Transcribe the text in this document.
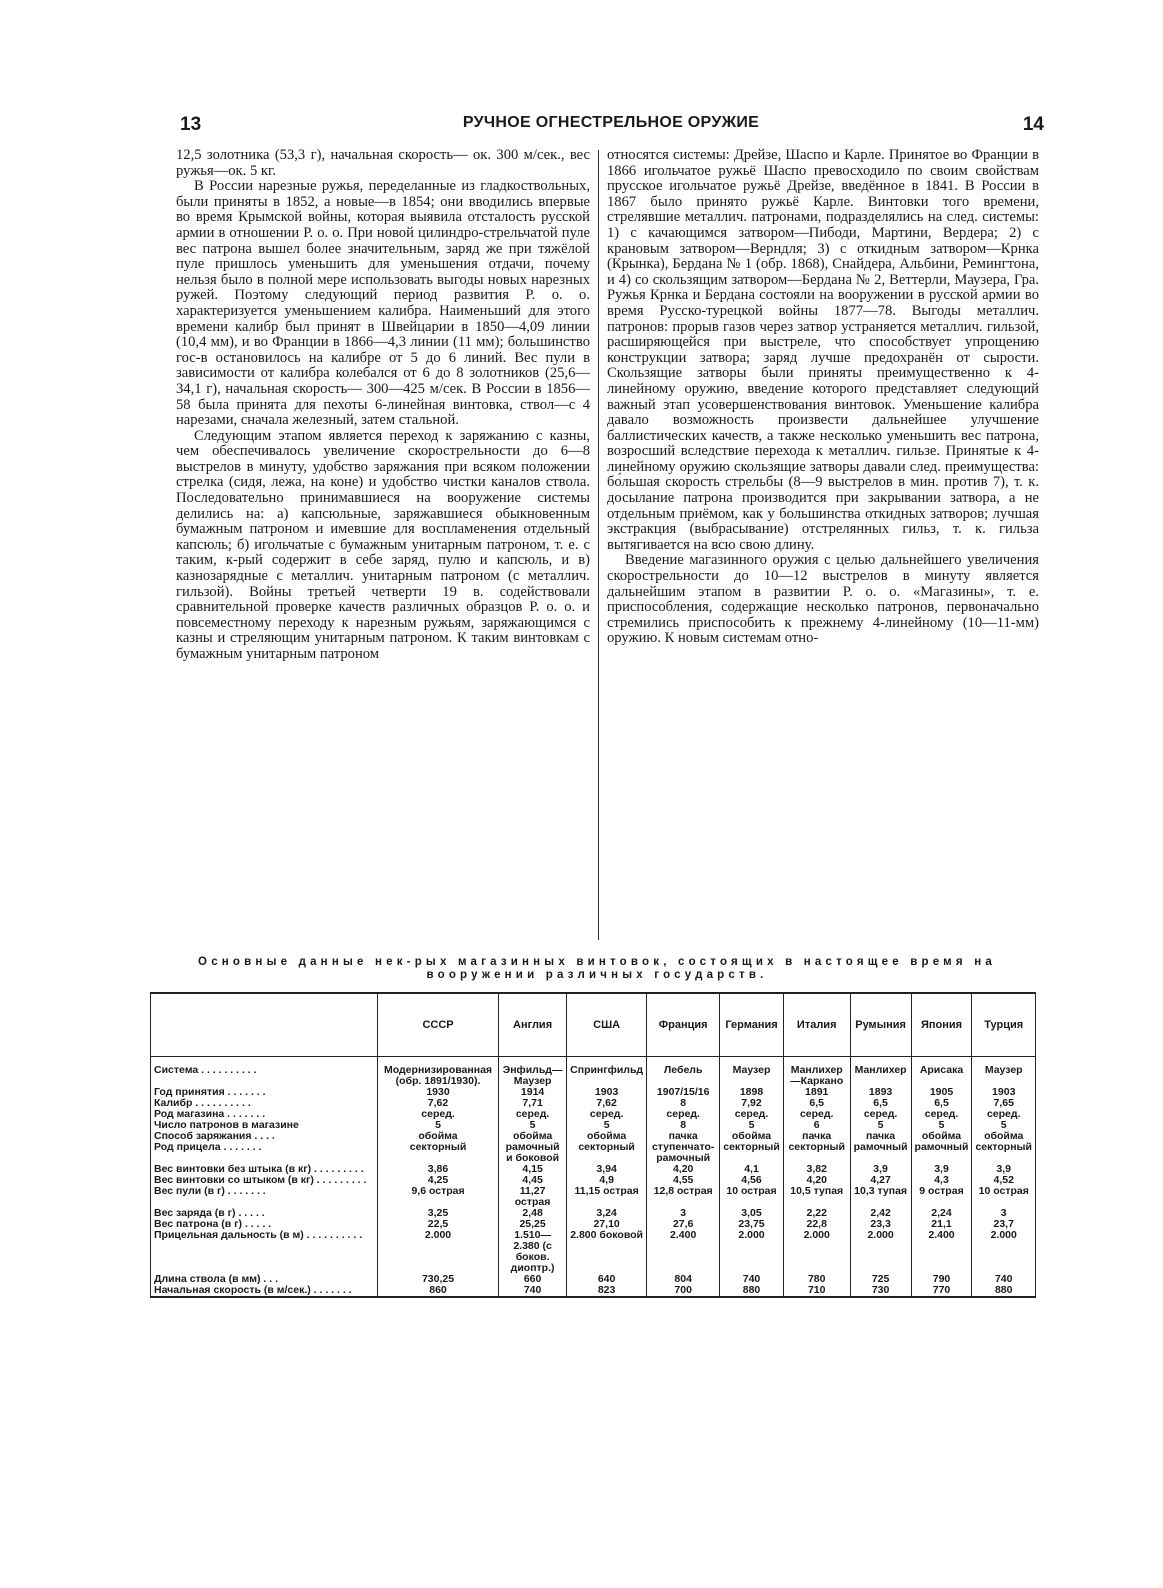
13	РУЧНОЕ ОГНЕСТРЕЛЬНОЕ ОРУЖИЕ	14

12,5 золотника (53,3 г), начальная скорость— ок. 300 м/сек., вес ружья—ок. 5 кг.

В России нарезные ружья, переделанные из гладкоствольных, были приняты в 1852, а новые—в 1854; они вводились впервые во время Крымской войны, которая выявила отсталость русской армии в отношении Р. о. о. При новой цилиндро-стрельчатой пуле вес патрона вышел более значительным, заряд же при тяжёлой пуле пришлось уменьшить для уменьшения отдачи, почему нельзя было в полной мере использовать выгоды новых нарезных ружей. Поэтому следующий период развития Р. о. о. характеризуется уменьшением калибра. Наименьший для этого времени калибр был принят в Швейцарии в 1850—4,09 линии (10,4 мм), и во Франции в 1866—4,3 линии (11 мм); большинство гос-в остановилось на калибре от 5 до 6 линий. Вес пули в зависимости от калибра колебался от 6 до 8 золотников (25,6—34,1 г), начальная скорость— 300—425 м/сек. В России в 1856—58 была принята для пехоты 6-линейная винтовка, ствол—с 4 нарезами, сначала железный, затем стальной.

Следующим этапом является переход к заряжанию с казны, чем обеспечивалось увеличение скорострельности до 6—8 выстрелов в минуту, удобство заряжания при всяком положении стрелка (сидя, лежа, на коне) и удобство чистки каналов ствола. Последовательно принимавшиеся на вооружение системы делились на: а) капсюльные, заряжавшиеся обыкновенным бумажным патроном и имевшие для воспламенения отдельный капсюль; б) игольчатые с бумажным унитарным патроном, т. е. с таким, к-рый содержит в себе заряд, пулю и капсюль, и в) казнозарядные с металлич. унитарным патроном (с металлич. гильзой). Войны третьей четверти 19 в. содействовали сравнительной проверке качеств различных образцов Р. о. о. и повсеместному переходу к нарезным ружьям, заряжающимся с казны и стреляющим унитарным патроном. К таким винтовкам с бумажным унитарным патроном

относятся системы: Дрейзе, Шаспо и Карле. Принятое во Франции в 1866 игольчатое ружьё Шаспо превосходило по своим свойствам прусское игольчатое ружьё Дрейзе, введённое в 1841. В России в 1867 было принято ружьё Карле. Винтовки того времени, стрелявшие металлич. патронами, подразделялись на след. системы: 1) с качающимся затвором—Пибоди, Мартини, Вердера; 2) с крановым затвором—Верндля; 3) с откидным затвором—Крнка (Крынка), Бердана № 1 (обр. 1868), Снайдера, Альбини, Ремингтона, и 4) со скользящим затвором—Бердана № 2, Веттерли, Маузера, Гра. Ружья Крнка и Бердана состояли на вооружении в русской армии во время Русско-турецкой войны 1877—78. Выгоды металлич. патронов: прорыв газов через затвор устраняется металлич. гильзой, расширяющейся при выстреле, что способствует упрощению конструкции затвора; заряд лучше предохранён от сырости. Скользящие затворы были приняты преимущественно к 4-линейному оружию, введение которого представляет следующий важный этап усовершенствования винтовок. Уменьшение калибра давало возможность произвести дальнейшее улучшение баллистических качеств, а также несколько уменьшить вес патрона, возросший вследствие перехода к металлич. гильзе. Принятые к 4-линейному оружию скользящие затворы давали след. преимущества: бо́льшая скорость стрельбы (8—9 выстрелов в мин. против 7), т. к. досылание патрона производится при закрывании затвора, а не отдельным приёмом, как у большинства откидных затворов; лучшая экстракция (выбрасывание) отстрелянных гильз, т. к. гильза вытягивается на всю свою длину.

Введение магазинного оружия с целью дальнейшего увеличения скорострельности до 10—12 выстрелов в минуту является дальнейшим этапом в развитии Р. о. о. «Магазины», т. е. приспособления, содержащие несколько патронов, первоначально стремились приспособить к прежнему 4-линейному (10—11-мм) оружию. К новым системам отно-

Основные данные нек-рых магазинных винтовок, состоящих в настоящее время на вооружении различных государств.
	СССР	Англия	США	Франция	Германия	Италия	Румыния	Япония	Турция

Система . . . . . . . . . .	Модернизированная (обр. 1891/1930).	Энфильд—Маузер	Спрингфильд	Лебель	Маузер	Манлихер—Каркано	Манлихер	Арисака	Маузер
Год принятия . . . . . . .	1930	1914	1903	1907/15/16	1898	1891	1893	1905	1903
Калибр . . . . . . . . . .	7,62	7,71	7,62	8	7,92	6,5	6,5	6,5	7,65
Род магазина . . . . . . .	серед.	серед.	серед.	серед.	серед.	серед.	серед.	серед.	серед.
Число патронов в магазине	5	5	5	8	5	6	5	5	5
Способ заряжания . . . .	обойма	обойма	обойма	пачка	обойма	пачка	пачка	обойма	обойма
Род прицела . . . . . . .	секторный	рамочный и боковой	секторный	ступенчато-рамочный	секторный	секторный	рамочный	рамочный	секторный
Вес винтовки без штыка (в кг) . . . . . . . . .	3,86	4,15	3,94	4,20	4,1	3,82	3,9	3,9	3,9
Вес винтовки со штыком (в кг) . . . . . . . . .	4,25	4,45	4,9	4,55	4,56	4,20	4,27	4,3	4,52
Вес пули (в г) . . . . . . .	9,6 острая	11,27 острая	11,15 острая	12,8 острая	10 острая	10,5 тупая	10,3 тупая	9 острая	10 острая
Вес заряда (в г) . . . . .	3,25	2,48	3,24	3	3,05	2,22	2,42	2,24	3
Вес патрона (в г) . . . . .	22,5	25,25	27,10	27,6	23,75	22,8	23,3	21,1	23,7
Прицельная дальность (в м) . . . . . . . . . .	2.000	1.510—2.380 (с боков. диоптр.)	2.800 боковой	2.400	2.000	2.000	2.000	2.400	2.000
Длина ствола (в мм) . . .	730,25	660	640	804	740	780	725	790	740
Начальная скорость (в м/сек.) . . . . . . .	860	740	823	700	880	710	730	770	880
